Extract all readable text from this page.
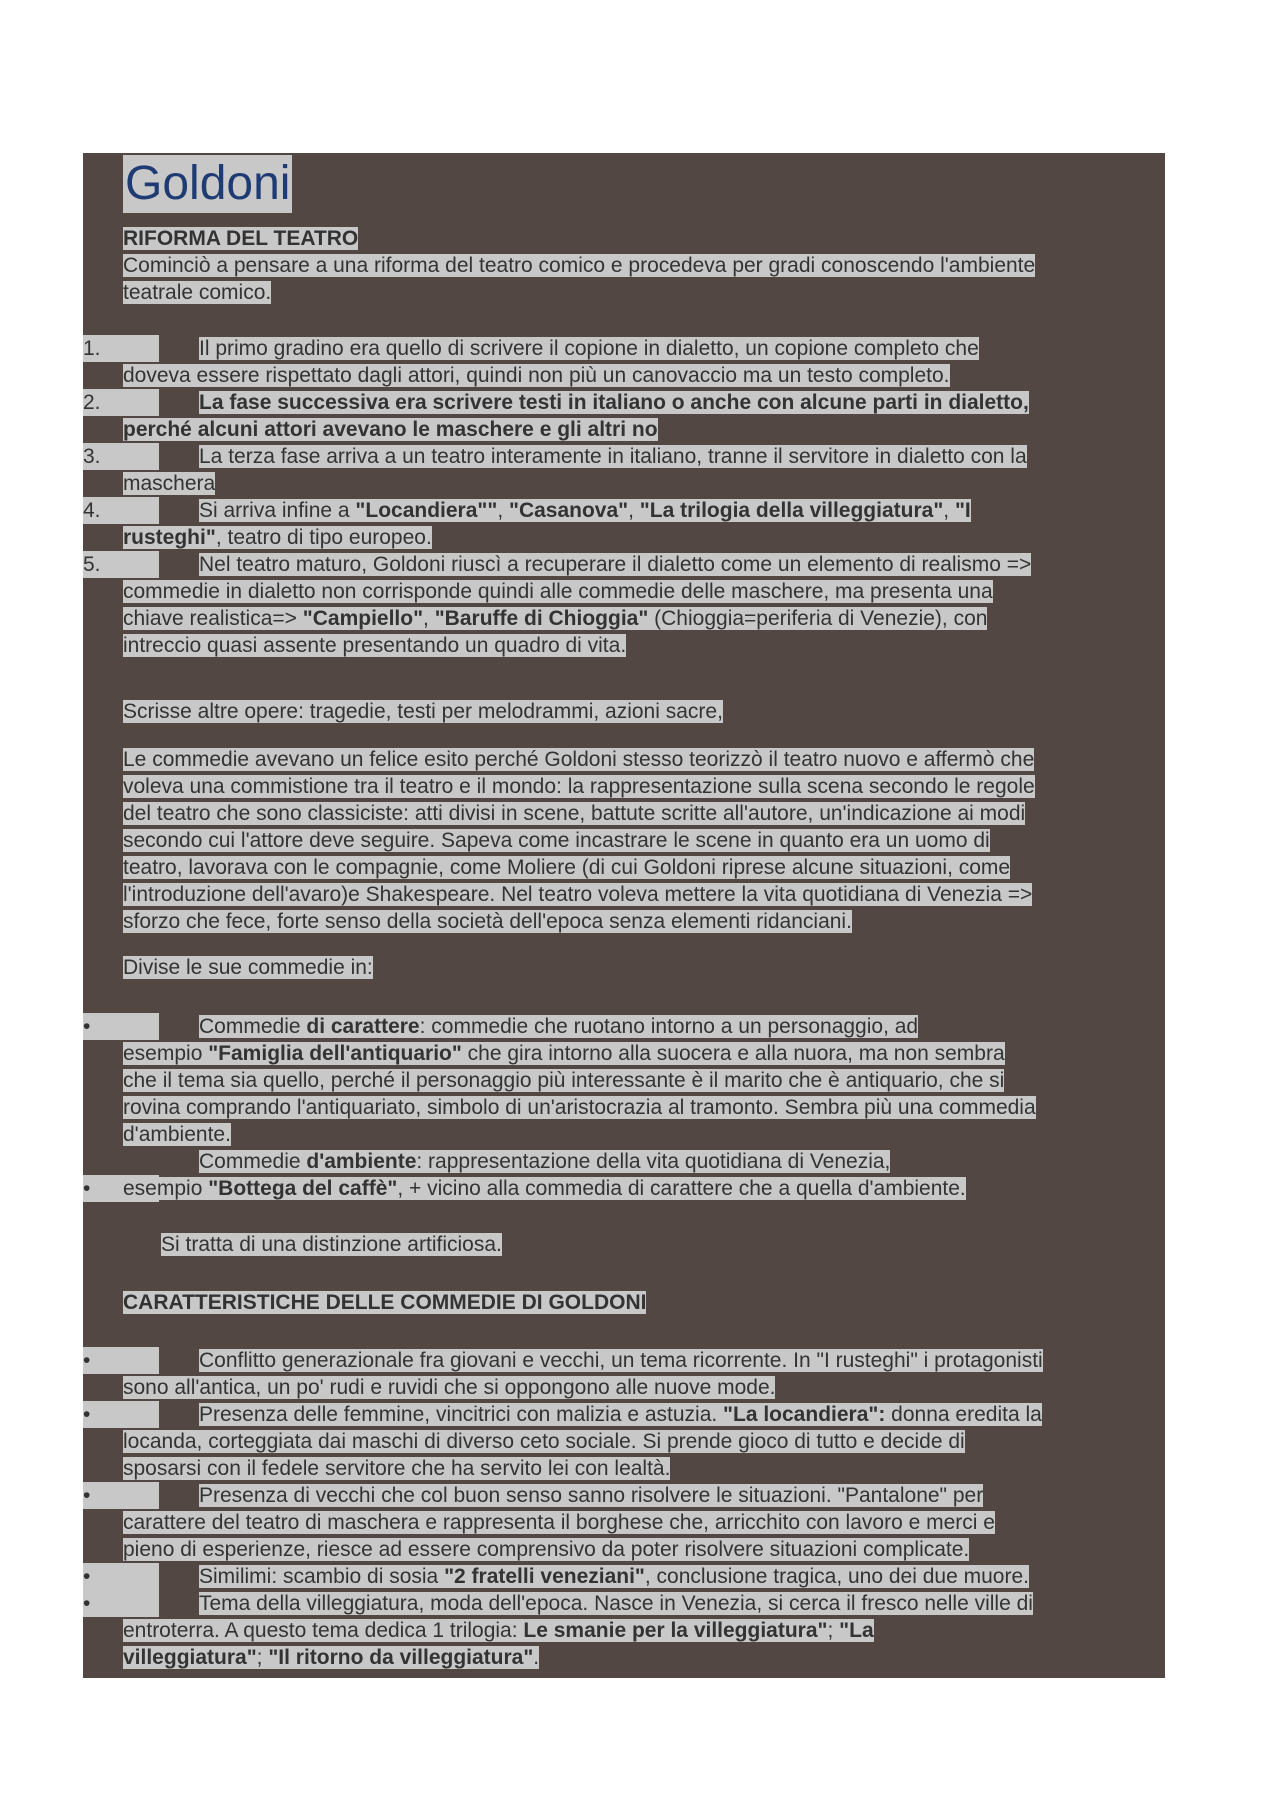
Goldoni
RIFORMA DEL TEATRO
Cominciò a pensare a una riforma del teatro comico e procedeva per gradi conoscendo l'ambiente
teatrale comico.
1.
2.
3.
4.
5.
Il primo gradino era quello di scrivere il copione in dialetto, un copione completo che
doveva essere rispettato dagli attori, quindi non più un canovaccio ma un testo completo.
La fase successiva era scrivere testi in italiano o anche con alcune parti in dialetto,
perché alcuni attori avevano le maschere e gli altri no
La terza fase arriva a un teatro interamente in italiano, tranne il servitore in dialetto con la
maschera
Si arriva infine a "Locandiera"", "Casanova", "La trilogia della villeggiatura", "I
rusteghi", teatro di tipo europeo.
Nel teatro maturo, Goldoni riuscì a recuperare il dialetto come un elemento di realismo =>
commedie in dialetto non corrisponde quindi alle commedie delle maschere, ma presenta una
chiave realistica=> "Campiello", "Baruffe di Chioggia" (Chioggia=periferia di Venezie), con
intreccio quasi assente presentando un quadro di vita.
Scrisse altre opere: tragedie, testi per melodrammi, azioni sacre,
Le commedie avevano un felice esito perché Goldoni stesso teorizzò il teatro nuovo e affermò che
voleva una commistione tra il teatro e il mondo: la rappresentazione sulla scena secondo le regole
del teatro che sono classiciste: atti divisi in scene, battute scritte all'autore, un'indicazione ai modi
secondo cui l'attore deve seguire. Sapeva come incastrare le scene in quanto era un uomo di
teatro, lavorava con le compagnie, come Moliere (di cui Goldoni riprese alcune situazioni, come
l'introduzione dell'avaro)e Shakespeare. Nel teatro voleva mettere la vita quotidiana di Venezia =>
sforzo che fece, forte senso della società dell'epoca senza elementi ridanciani.
Divise le sue commedie in:
•
•
Commedie di carattere: commedie che ruotano intorno a un personaggio, ad
esempio "Famiglia dell'antiquario" che gira intorno alla suocera e alla nuora, ma non sembra
che il tema sia quello, perché il personaggio più interessante è il marito che è antiquario, che si
rovina comprando l'antiquariato, simbolo di un'aristocrazia al tramonto. Sembra più una commedia
d'ambiente.
Commedie d'ambiente: rappresentazione della vita quotidiana di Venezia,
esempio "Bottega del caffè", + vicino alla commedia di carattere che a quella d'ambiente.
Si tratta di una distinzione artificiosa.
CARATTERISTICHE DELLE COMMEDIE DI GOLDONI
•
•
•
•
•
Conflitto generazionale fra giovani e vecchi, un tema ricorrente. In "I rusteghi" i protagonisti
sono all'antica, un po' rudi e ruvidi che si oppongono alle nuove mode.
Presenza delle femmine, vincitrici con malizia e astuzia. "La locandiera": donna eredita la
locanda, corteggiata dai maschi di diverso ceto sociale. Si prende gioco di tutto e decide di
sposarsi con il fedele servitore che ha servito lei con lealtà.
Presenza di vecchi che col buon senso sanno risolvere le situazioni. "Pantalone" per
carattere del teatro di maschera e rappresenta il borghese che, arricchito con lavoro e merci e
pieno di esperienze, riesce ad essere comprensivo da poter risolvere situazioni complicate.
Similimi: scambio di sosia "2 fratelli veneziani", conclusione tragica, uno dei due muore.
Tema della villeggiatura, moda dell'epoca. Nasce in Venezia, si cerca il fresco nelle ville di
entroterra. A questo tema dedica 1 trilogia: Le smanie per la villeggiatura"; "La
villeggiatura"; "Il ritorno da villeggiatura".
